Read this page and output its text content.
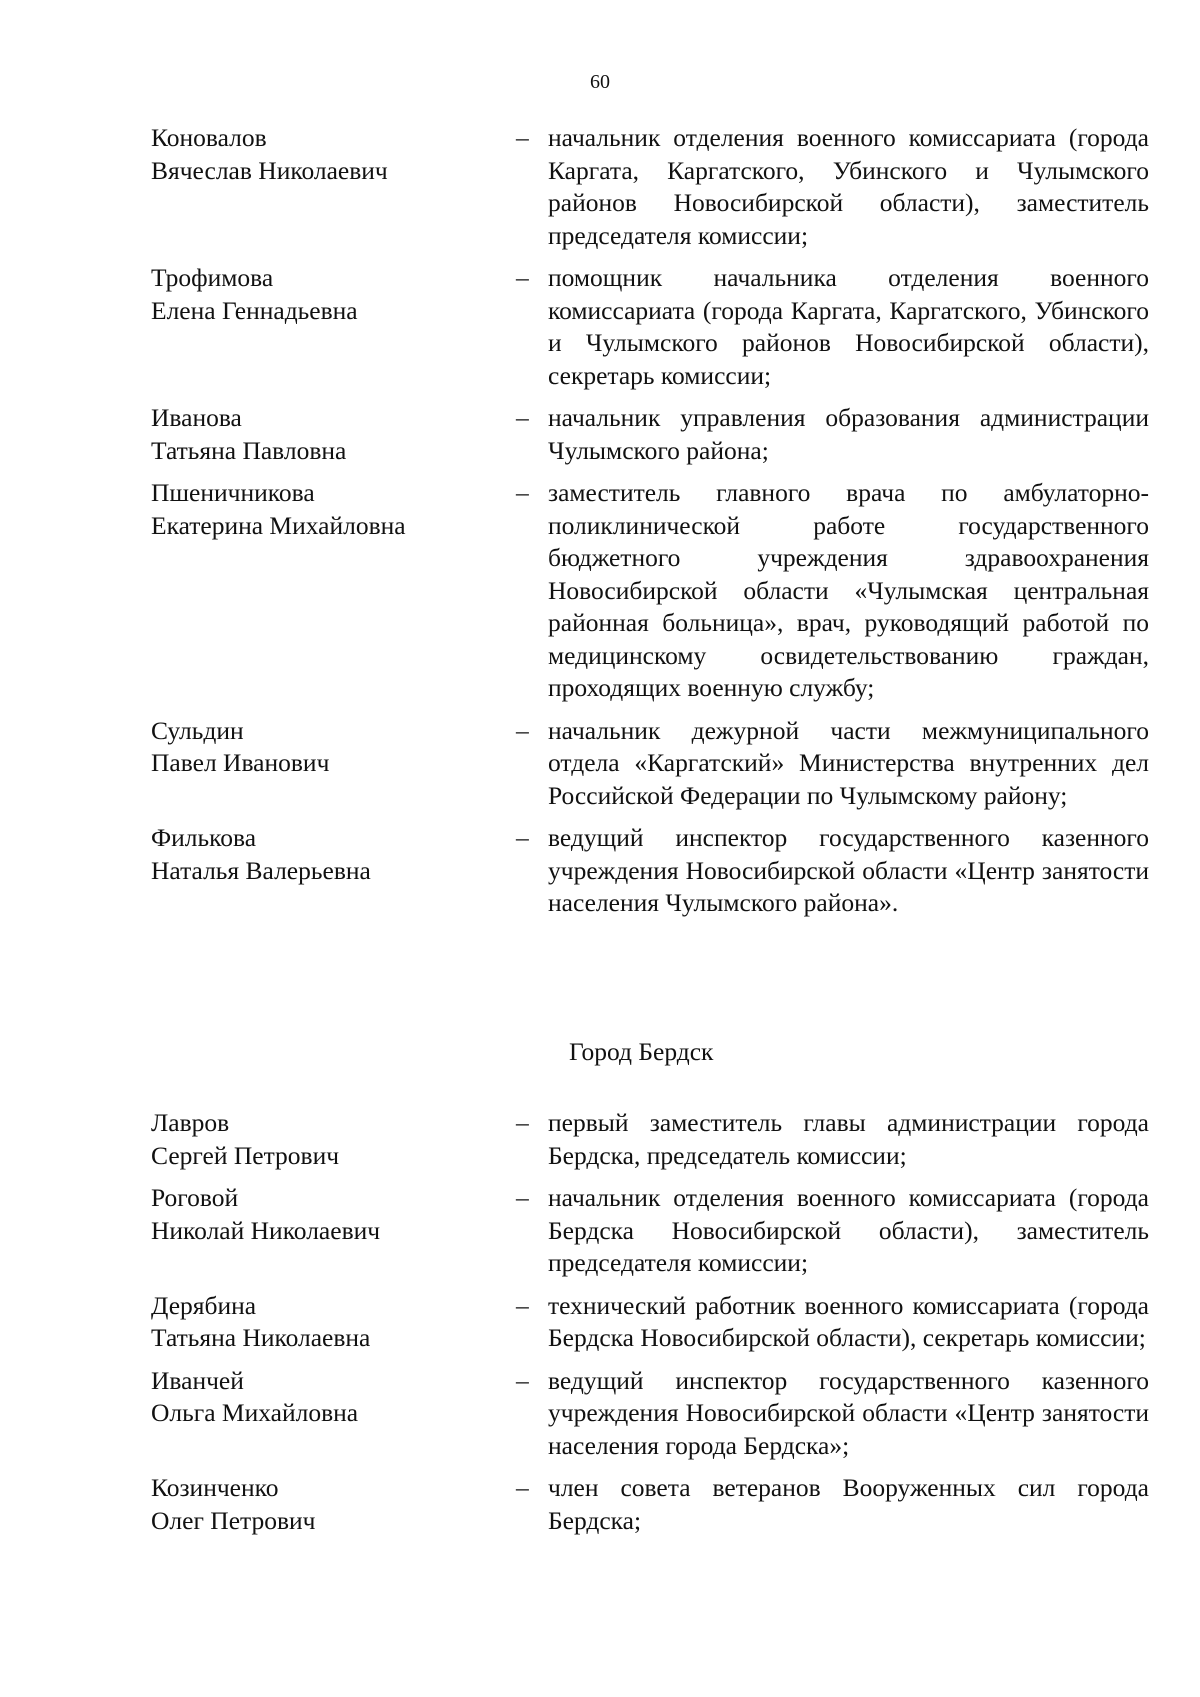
60
Коновалов
Вячеслав Николаевич
– начальник отделения военного комиссариата (города Каргата, Каргатского, Убинского и Чулымского районов Новосибирской области), заместитель председателя комиссии;
Трофимова
Елена Геннадьевна
– помощник начальника отделения военного комиссариата (города Каргата, Каргатского, Убинского и Чулымского районов Новосибирской области), секретарь комиссии;
Иванова
Татьяна Павловна
– начальник управления образования администрации Чулымского района;
Пшеничникова
Екатерина Михайловна
– заместитель главного врача по амбулаторно-поликлинической работе государственного бюджетного учреждения здравоохранения Новосибирской области «Чулымская центральная районная больница», врач, руководящий работой по медицинскому освидетельствованию граждан, проходящих военную службу;
Сульдин
Павел Иванович
– начальник дежурной части межмуниципального отдела «Каргатский» Министерства внутренних дел Российской Федерации по Чулымскому району;
Филькова
Наталья Валерьевна
– ведущий инспектор государственного казенного учреждения Новосибирской области «Центр занятости населения Чулымского района».
Город Бердск
Лавров
Сергей Петрович
– первый заместитель главы администрации города Бердска, председатель комиссии;
Роговой
Николай Николаевич
– начальник отделения военного комиссариата (города Бердска Новосибирской области), заместитель председателя комиссии;
Дерябина
Татьяна Николаевна
– технический работник военного комиссариата (города Бердска Новосибирской области), секретарь комиссии;
Иванчей
Ольга Михайловна
– ведущий инспектор государственного казенного учреждения Новосибирской области «Центр занятости населения города Бердска»;
Козинченко
Олег Петрович
– член совета ветеранов Вооруженных сил города Бердска;
